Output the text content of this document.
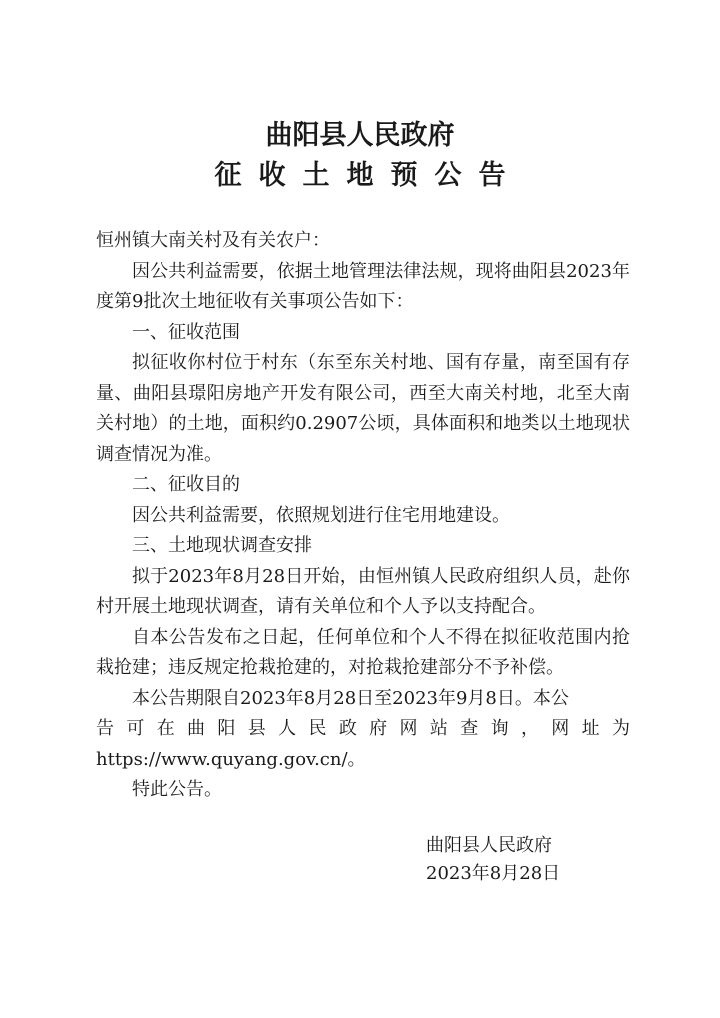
曲阳县人民政府
征收土地预公告

恒州镇大南关村及有关农户：

因公共利益需要，依据土地管理法律法规，现将曲阳县2023年度第9批次土地征收有关事项公告如下：

一、征收范围

拟征收你村位于村东（东至东关村地、国有存量，南至国有存量、曲阳县璟阳房地产开发有限公司，西至大南关村地，北至大南关村地）的土地，面积约0.2907公顷，具体面积和地类以土地现状调查情况为准。

二、征收目的

因公共利益需要，依照规划进行住宅用地建设。

三、土地现状调查安排

拟于2023年8月28日开始，由恒州镇人民政府组织人员，赴你村开展土地现状调查，请有关单位和个人予以支持配合。

自本公告发布之日起，任何单位和个人不得在拟征收范围内抢栽抢建；违反规定抢栽抢建的，对抢栽抢建部分不予补偿。

本公告期限自2023年8月28日至2023年9月8日。本公

告可在曲阳县人民政府网站查询，网址为

https://www.quyang.gov.cn/。

特此公告。

曲阳县人民政府

2023年8月28日
